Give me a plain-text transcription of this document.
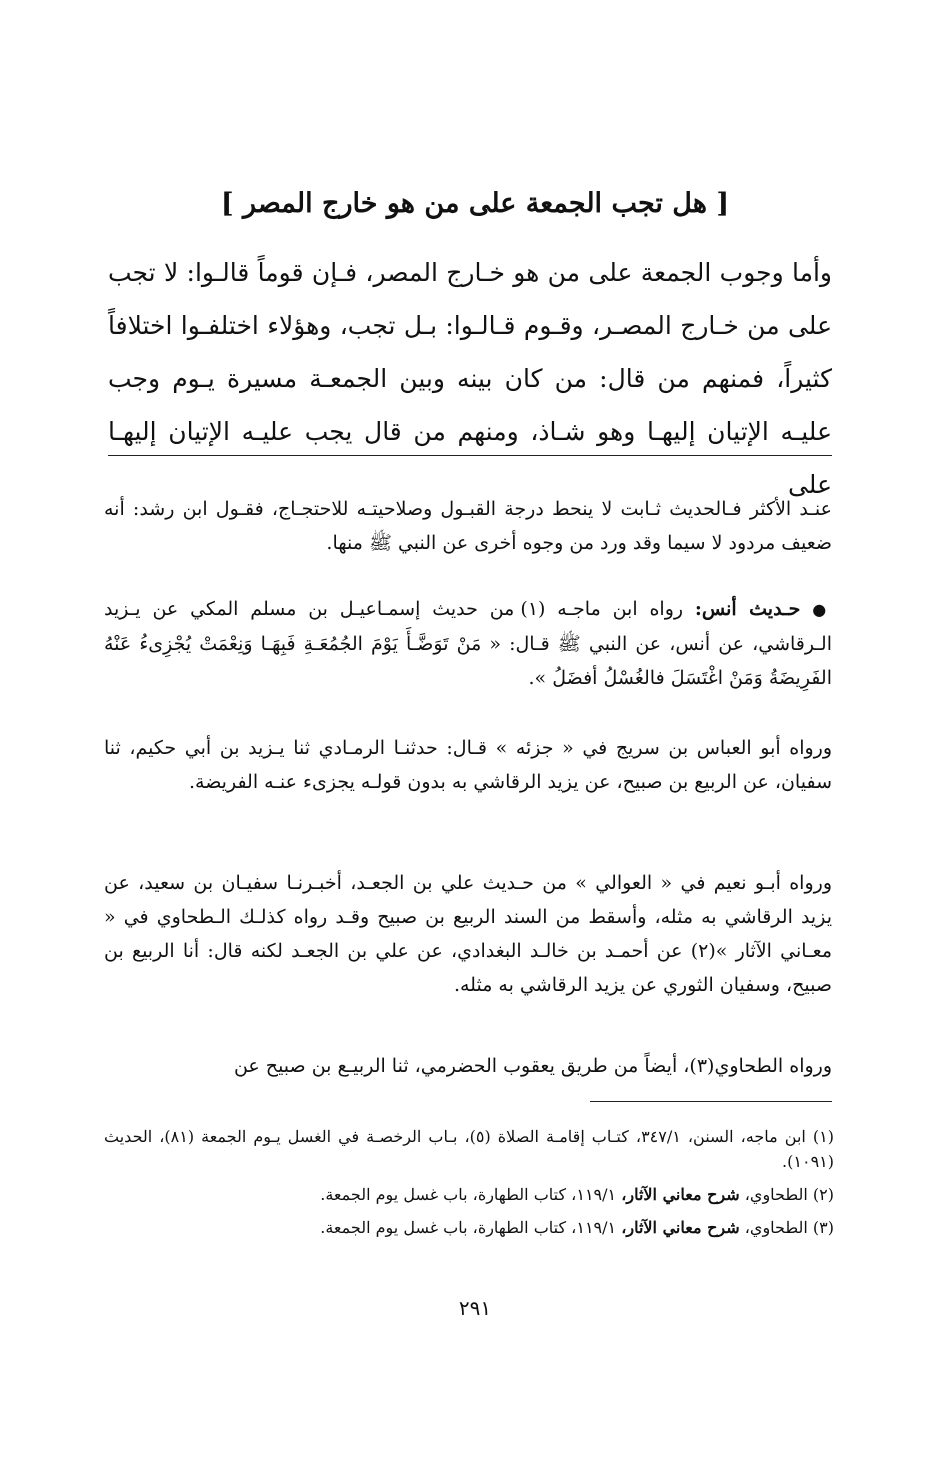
[ هل تجب الجمعة على من هو خارج المصر ]

وأما وجوب الجمعة على من هو خـارج المصر، فـإن قوماً قالـوا: لا تجب على من خـارج المصـر، وقـوم قـالـوا: بـل تجب، وهؤلاء اختلفـوا اختلافاً كثيراً، فمنهم من قال: من كان بينه وبين الجمعـة مسيرة يـوم وجب عليـه الإتيان إليهـا وهو شـاذ، ومنهم من قال يجب عليـه الإتيان إليهـا على

عنـد الأكثر فـالحديث ثـابت لا ينحط درجة القبـول وصلاحيتـه للاحتجـاج، فقـول ابن رشد: أنه ضعيف مردود لا سيما وقد ورد من وجوه أخرى عن النبي ﷺ منها.

● حـديث أنس: رواه ابن ماجـه (١) من حديث إسمـاعيـل بن مسلم المكي عن يـزيد الـرقاشي، عن أنس، عن النبي ﷺ قـال: « مَنْ تَوَضَّـأَ يَوْمَ الجُمُعَـةِ فَبِهَـا وَنِعْمَتْ يُجْزِىءُ عَنْهُ الفَرِيضَةُ وَمَنْ اغْتَسَلَ فالغُسْلُ أفضَلُ ».

ورواه أبو العباس بن سريج في « جزئه » قـال: حدثنـا الرمـادي ثنا يـزيد بن أبي حكيم، ثنا سفيان، عن الربيع بن صبيح، عن يزيد الرقاشي به بدون قولـه يجزىء عنـه الفريضة.

ورواه أبـو نعيم في « العوالي » من حـديث علي بن الجعـد، أخبـرنـا سفيـان بن سعيد، عن يزيد الرقاشي به مثله، وأسقط من السند الربيع بن صبيح وقـد رواه كذلـك الـطحاوي في « معـاني الآثار »(٢) عن أحمـد بن خالـد البغدادي، عن علي بن الجعـد لكنه قال: أنا الربيع بن صبيح، وسفيان الثوري عن يزيد الرقاشي به مثله.

ورواه الطحاوي(٣)، أيضاً من طريق يعقوب الحضرمي، ثنا الربيـع بن صبيح عن

(١) ابن ماجه، السنن، ٣٤٧/١، كتـاب إقامـة الصلاة (٥)، بـاب الرخصـة في الغسل يـوم الجمعة (٨١)، الحديث (١٠٩١).

(٢) الطحاوي، شرح معاني الآثار، ١١٩/١، كتاب الطهارة، باب غسل يوم الجمعة.

(٣) الطحاوي، شرح معاني الآثار، ١١٩/١، كتاب الطهارة، باب غسل يوم الجمعة.

٢٩١
